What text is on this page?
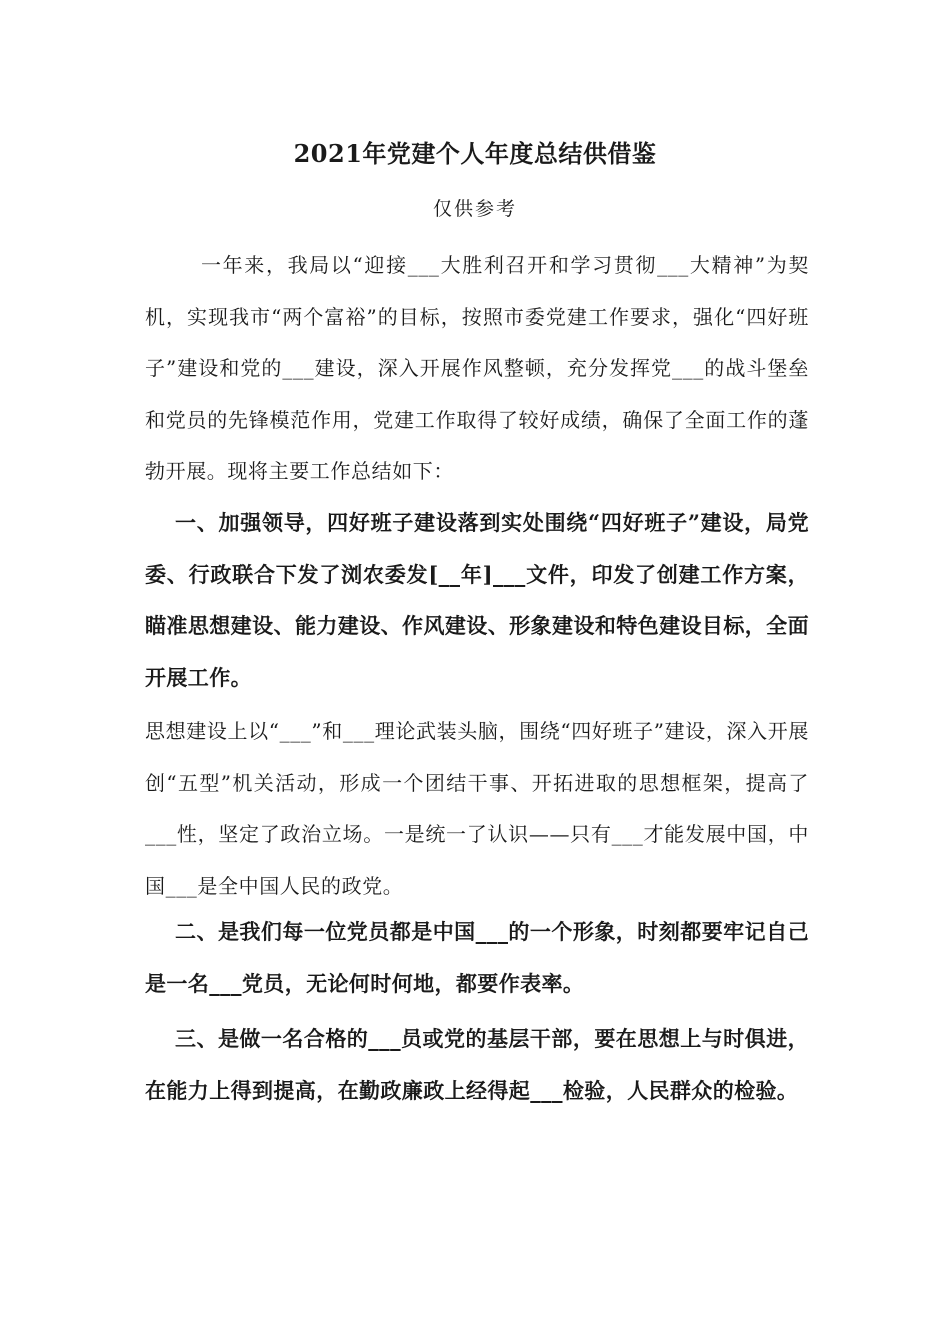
2021年党建个人年度总结供借鉴
仅供参考

一年来，我局以“迎接___大胜利召开和学习贯彻___大精神”为契机，实现我市“两个富裕”的目标，按照市委党建工作要求，强化“四好班子”建设和党的___建设，深入开展作风整顿，充分发挥党___的战斗堡垒和党员的先锋模范作用，党建工作取得了较好成绩，确保了全面工作的蓬勃开展。现将主要工作总结如下：

一、加强领导，四好班子建设落到实处围绕“四好班子”建设，局党委、行政联合下发了浏农委发[__年]___文件，印发了创建工作方案，瞄准思想建设、能力建设、作风建设、形象建设和特色建设目标，全面开展工作。

思想建设上以“___”和___理论武装头脑，围绕“四好班子”建设，深入开展创“五型”机关活动，形成一个团结干事、开拓进取的思想框架，提高了___性，坚定了政治立场。一是统一了认识——只有___才能发展中国，中国___是全中国人民的政党。

二、是我们每一位党员都是中国___的一个形象，时刻都要牢记自己是一名___党员，无论何时何地，都要作表率。

三、是做一名合格的___员或党的基层干部，要在思想上与时俱进，在能力上得到提高，在勤政廉政上经得起___检验，人民群众的检验。
